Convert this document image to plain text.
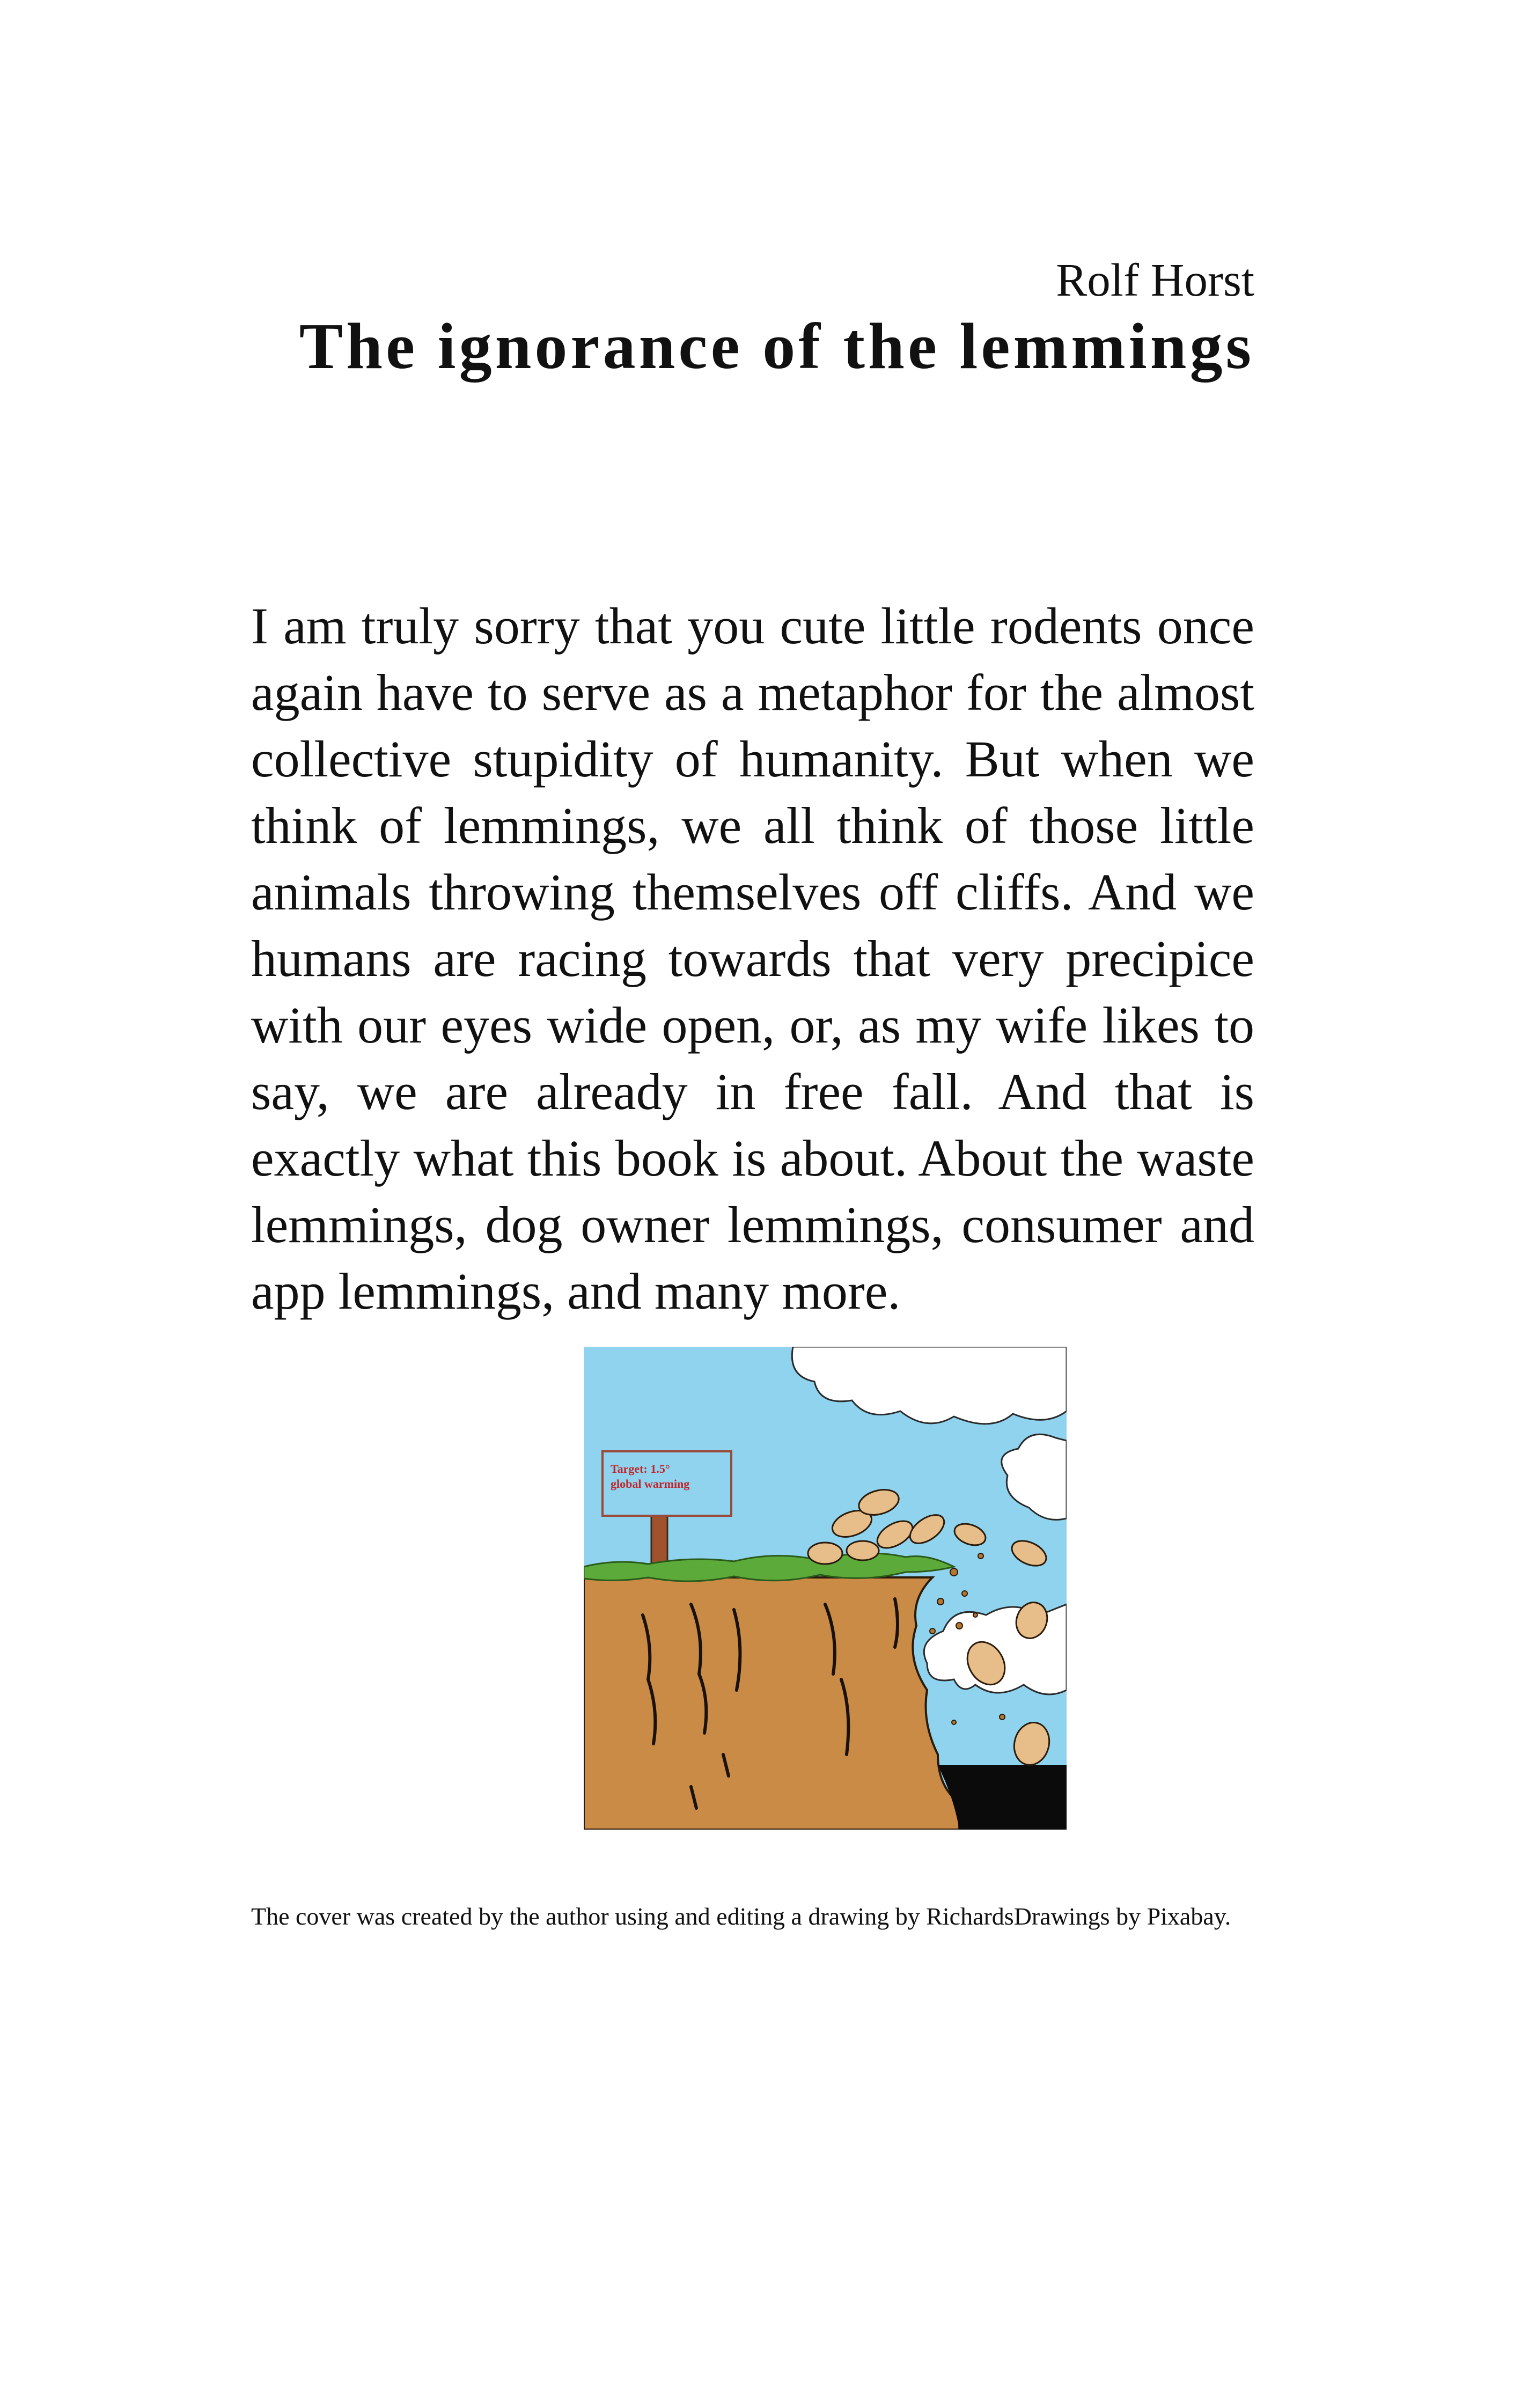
Rolf Horst
The ignorance of the lemmings

I am truly sorry that you cute little rodents once again have to serve as a metaphor for the almost collective stupidity of humanity. But when we think of lemmings, we all think of those little animals throwing themselves off cliffs. And we humans are racing towards that very precipice with our eyes wide open, or, as my wife likes to say, we are already in free fall. And that is exactly what this book is about. About the waste lemmings, dog owner lemmings, consumer and app lemmings, and many more.

Target: 1.5°
global warming

The cover was created by the author using and editing a drawing by RichardsDrawings by Pixabay.
